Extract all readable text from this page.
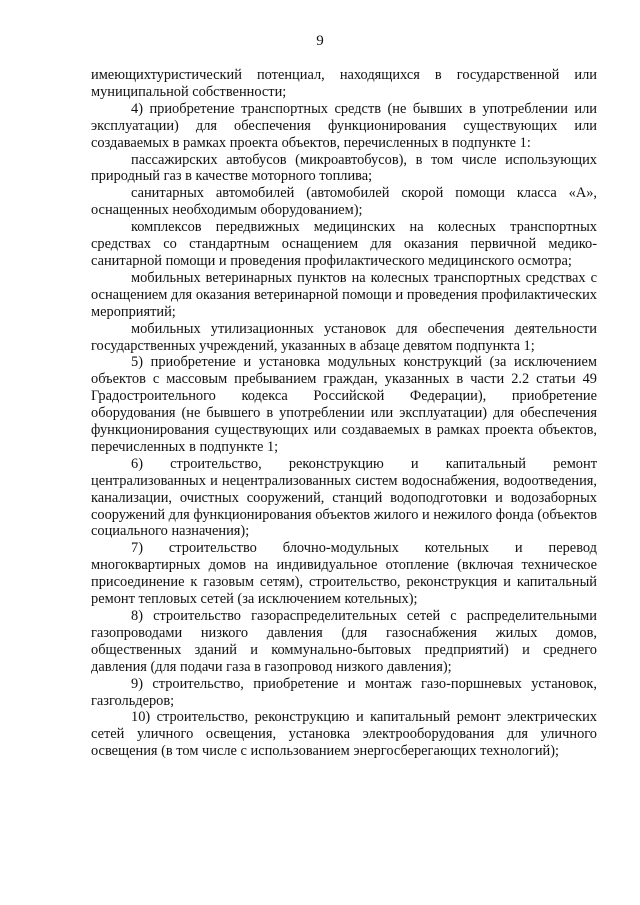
9

имеющихтуристический потенциал, находящихся в государственной или муниципальной собственности;

4) приобретение транспортных средств (не бывших в употреблении или эксплуатации) для обеспечения функционирования существующих или создаваемых в рамках проекта объектов, перечисленных в подпункте 1:

пассажирских автобусов (микроавтобусов), в том числе использующих природный газ в качестве моторного топлива;

санитарных автомобилей (автомобилей скорой помощи класса «А», оснащенных необходимым оборудованием);

комплексов передвижных медицинских на колесных транспортных средствах со стандартным оснащением для оказания первичной медико-санитарной помощи и проведения профилактического медицинского осмотра;

мобильных ветеринарных пунктов на колесных транспортных средствах с оснащением для оказания ветеринарной помощи и проведения профилактических мероприятий;

мобильных утилизационных установок для обеспечения деятельности государственных учреждений, указанных в абзаце девятом подпункта 1;

5) приобретение и установка модульных конструкций (за исключением объектов с массовым пребыванием граждан, указанных в части 2.2 статьи 49 Градостроительного кодекса Российской Федерации), приобретение оборудования (не бывшего в употреблении или эксплуатации) для обеспечения функционирования существующих или создаваемых в рамках проекта объектов, перечисленных в подпункте 1;

6) строительство, реконструкцию и капитальный ремонт централизованных и нецентрализованных систем водоснабжения, водоотведения, канализации, очистных сооружений, станций водоподготовки и водозаборных сооружений для функционирования объектов жилого и нежилого фонда (объектов социального назначения);

7) строительство блочно-модульных котельных и перевод многоквартирных домов на индивидуальное отопление (включая техническое присоединение к газовым сетям), строительство, реконструкция и капитальный ремонт тепловых сетей (за исключением котельных);

8) строительство газораспределительных сетей с распределительными газопроводами низкого давления (для газоснабжения жилых домов, общественных зданий и коммунально-бытовых предприятий) и среднего давления (для подачи газа в газопровод низкого давления);

9) строительство, приобретение и монтаж газо-поршневых установок, газгольдеров;

10) строительство, реконструкцию и капитальный ремонт электрических сетей уличного освещения, установка электрооборудования для уличного освещения (в том числе с использованием энергосберегающих технологий);
